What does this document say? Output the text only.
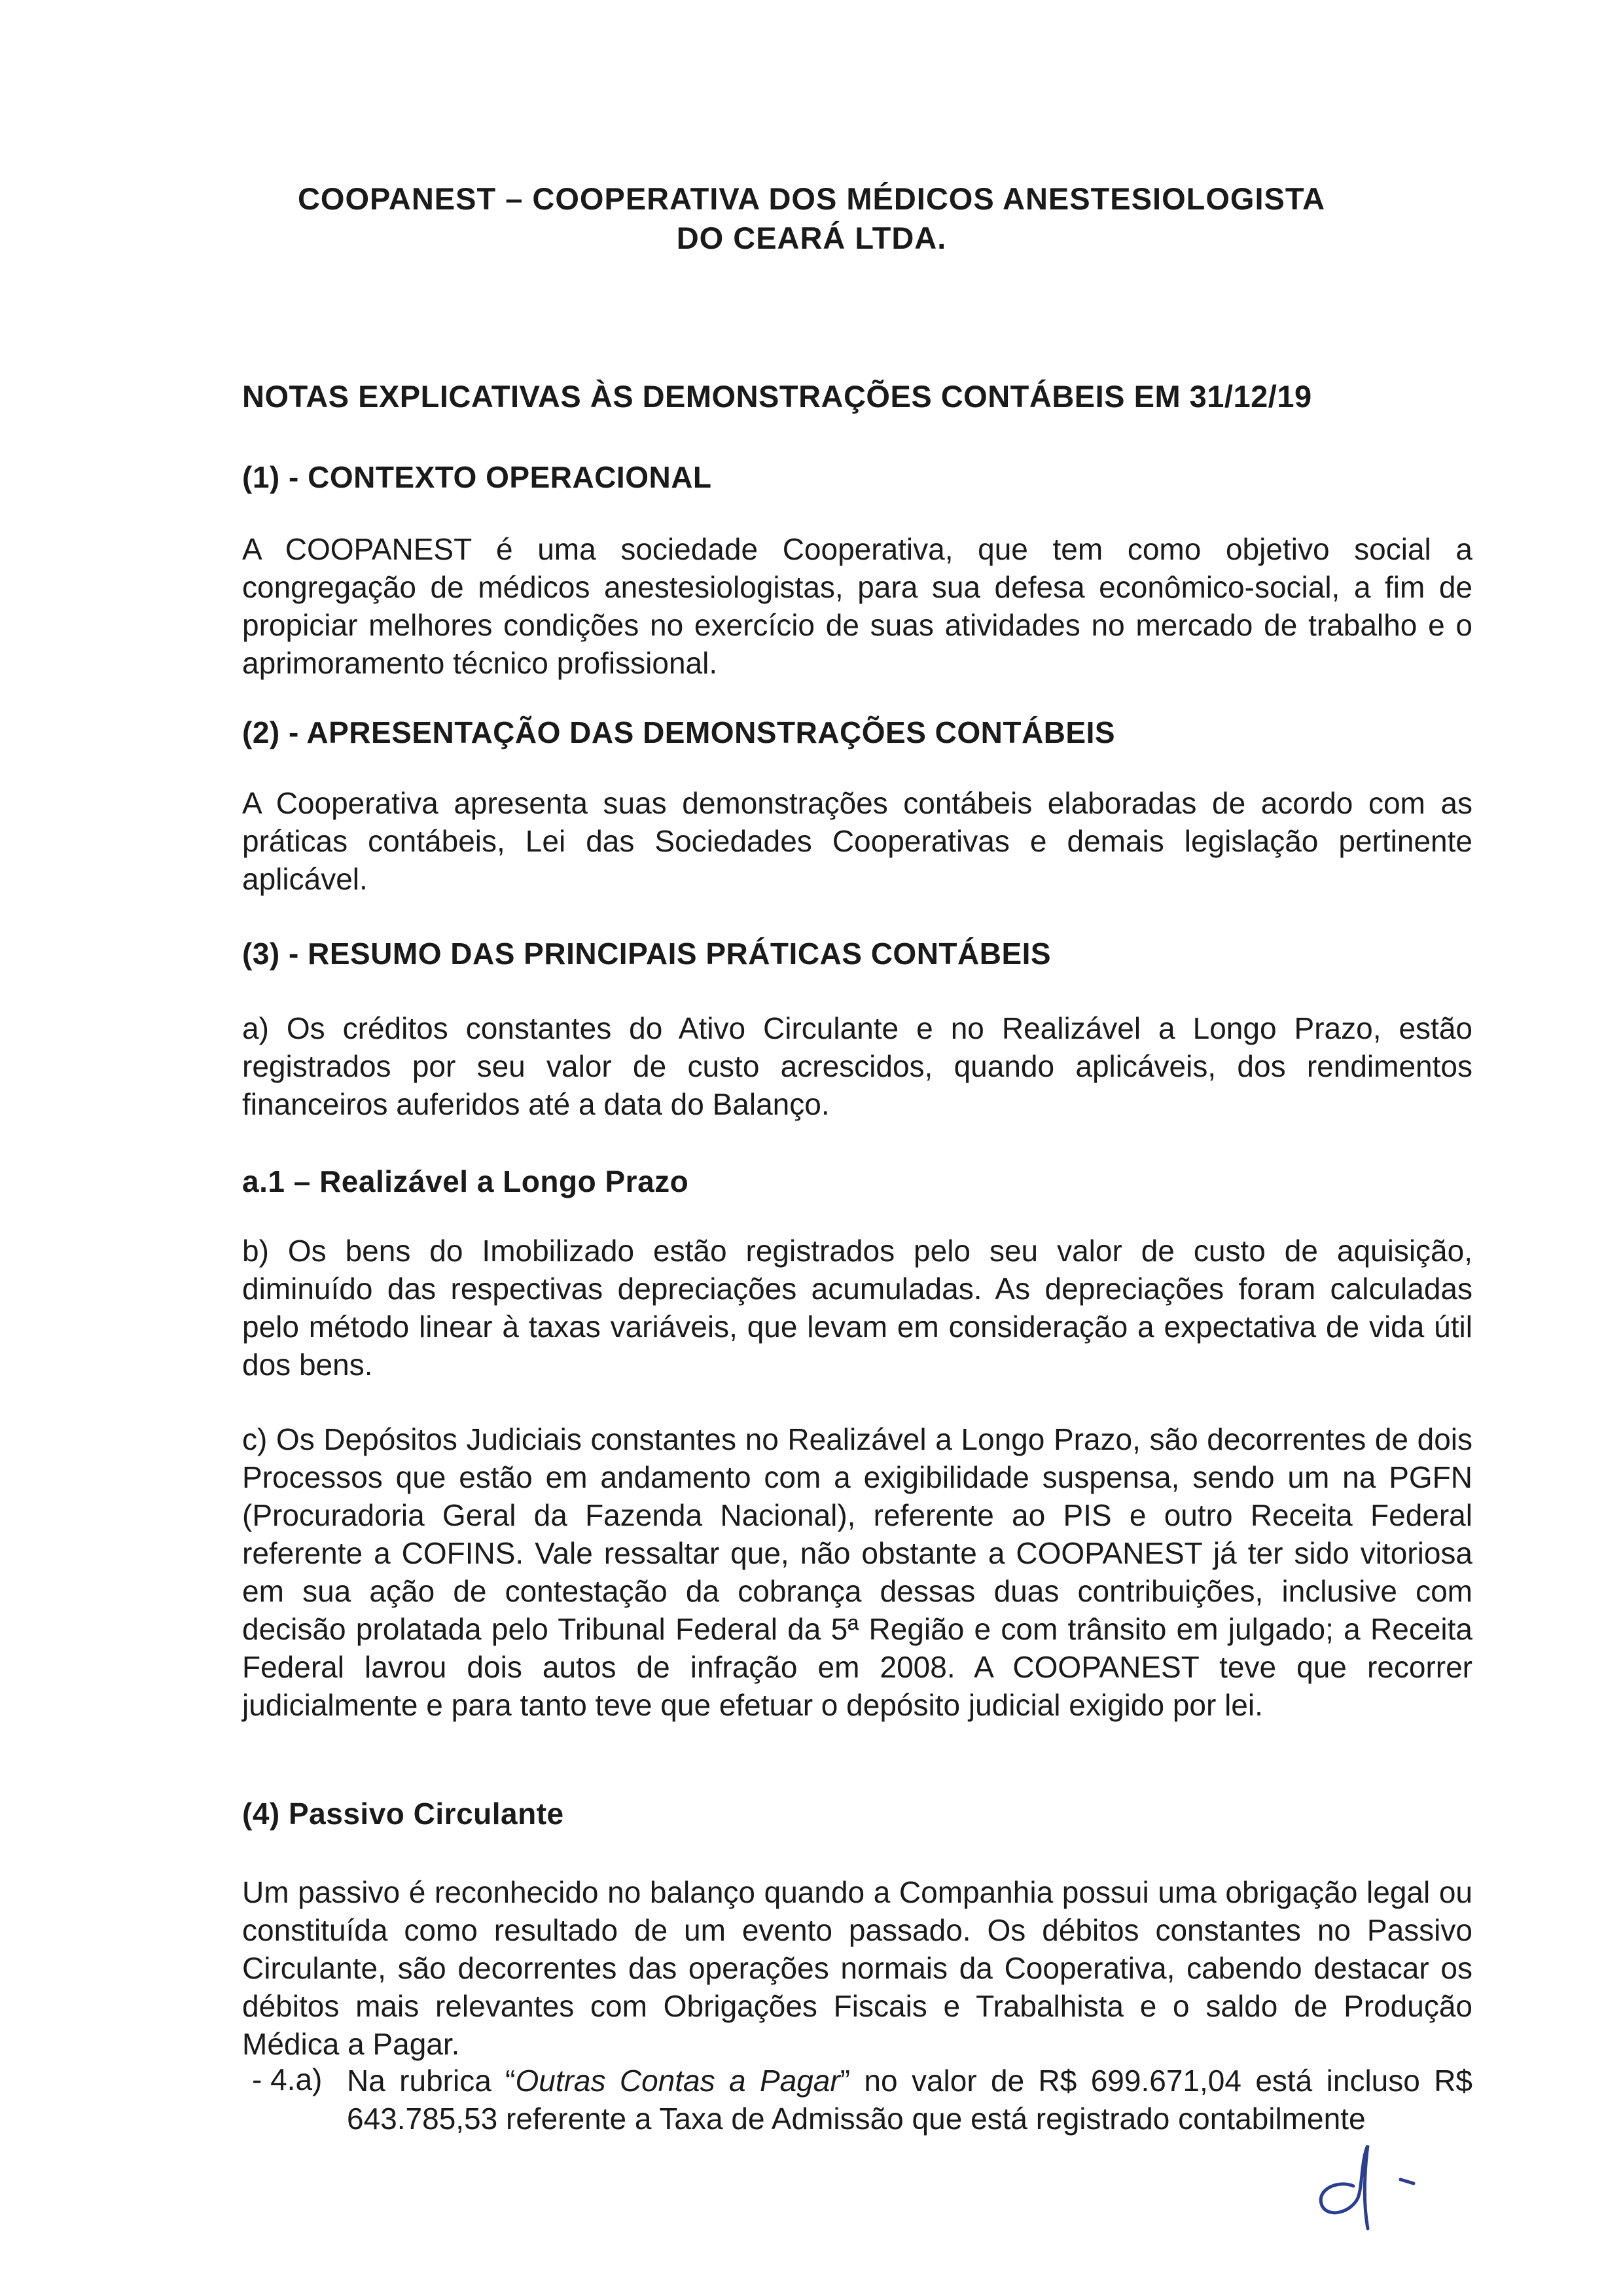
COOPANEST – COOPERATIVA DOS MÉDICOS ANESTESIOLOGISTA
DO CEARÁ LTDA.
NOTAS EXPLICATIVAS ÀS DEMONSTRAÇÕES CONTÁBEIS EM 31/12/19
(1) - CONTEXTO OPERACIONAL
A COOPANEST é uma sociedade Cooperativa, que tem como objetivo social a congregação de médicos anestesiologistas, para sua defesa econômico-social, a fim de propiciar melhores condições no exercício de suas atividades no mercado de trabalho e o aprimoramento técnico profissional.
(2) - APRESENTAÇÃO DAS DEMONSTRAÇÕES CONTÁBEIS
A Cooperativa apresenta suas demonstrações contábeis elaboradas de acordo com as práticas contábeis, Lei das Sociedades Cooperativas e demais legislação pertinente aplicável.
(3) - RESUMO DAS PRINCIPAIS PRÁTICAS CONTÁBEIS
a) Os créditos constantes do Ativo Circulante e no Realizável a Longo Prazo, estão registrados por seu valor de custo acrescidos, quando aplicáveis, dos rendimentos financeiros auferidos até a data do Balanço.
a.1 – Realizável a Longo Prazo
b) Os bens do Imobilizado estão registrados pelo seu valor de custo de aquisição, diminuído das respectivas depreciações acumuladas. As depreciações foram calculadas pelo método linear à taxas variáveis, que levam em consideração a expectativa de vida útil dos bens.
c) Os Depósitos Judiciais constantes no Realizável a Longo Prazo, são decorrentes de dois Processos que estão em andamento com a exigibilidade suspensa, sendo um na PGFN (Procuradoria Geral da Fazenda Nacional), referente ao PIS e outro Receita Federal referente a COFINS. Vale ressaltar que, não obstante a COOPANEST já ter sido vitoriosa em sua ação de contestação da cobrança dessas duas contribuições, inclusive com decisão prolatada pelo Tribunal Federal da 5ª Região e com trânsito em julgado; a Receita Federal lavrou dois autos de infração em 2008. A COOPANEST teve que recorrer judicialmente e para tanto teve que efetuar o depósito judicial exigido por lei.
(4) Passivo Circulante
Um passivo é reconhecido no balanço quando a Companhia possui uma obrigação legal ou constituída como resultado de um evento passado. Os débitos constantes no Passivo Circulante, são decorrentes das operações normais da Cooperativa, cabendo destacar os débitos mais relevantes com Obrigações Fiscais e Trabalhista e o saldo de Produção Médica a Pagar.
- 4.a) Na rubrica “Outras Contas a Pagar” no valor de R$ 699.671,04 está incluso R$ 643.785,53 referente a Taxa de Admissão que está registrado contabilmente
